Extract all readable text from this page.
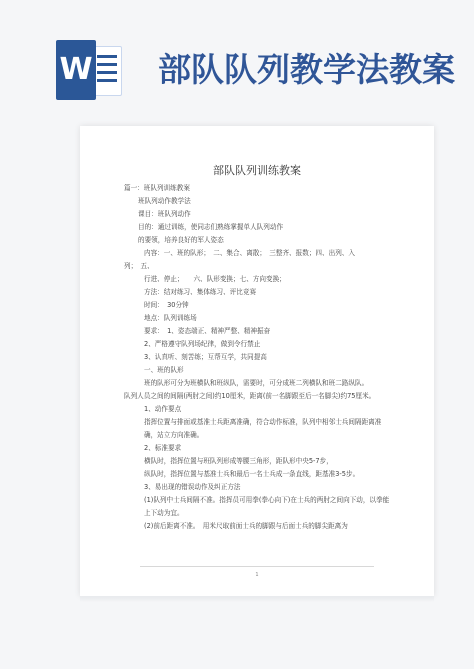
W 部队队列教学法教案
部队队列训练教案
篇一：班队列训练教案
班队列动作教学法
课目：班队列动作
目的：通过训练，使同志们熟练掌握单人队列动作
的要领，培养良好的军人姿态
内容：一、班的队形；　二、集合、离散；　三整齐、报数；四、出列、入
列；　五、
行进、停止；　　六、队形变换；七、方向变换；
方法：结对练习、集体练习、评比竞赛
时间：　30分钟
地点：队列训练场
要求：　1、姿态端正、精神严整、精神振奋
2、严格遵守队列场纪律，做到令行禁止
3、认真听、刻苦练；互帮互学，共同提高
一、班的队形
班的队形可分为班横队和班纵队，需要时，可分成班二列横队和班二路纵队。
队列人员之间的间隔(两肘之间)约10厘米，距离(前一名脚跟至后一名脚尖)约75厘米。
1、动作要点
指挥位置与排面或基准士兵距离准确，符合动作标准，队列中相邻士兵间隔距离准确，站立方向准确。
2、标准要求
横队时，指挥位置与班队列形成等腰三角形，距队形中央5-7步，
纵队时，指挥位置与基准士兵和最后一名士兵成一条直线，距基准3-5步。
3、易出现的错误动作及纠正方法
(1)队列中士兵间隔不准。指挥员可用拳(拳心向下)在士兵的两肘之间向下动，以拳能上下动为宜。
(2)前后距离不准。　用米尺取前面士兵的脚跟与后面士兵的脚尖距离为
1
